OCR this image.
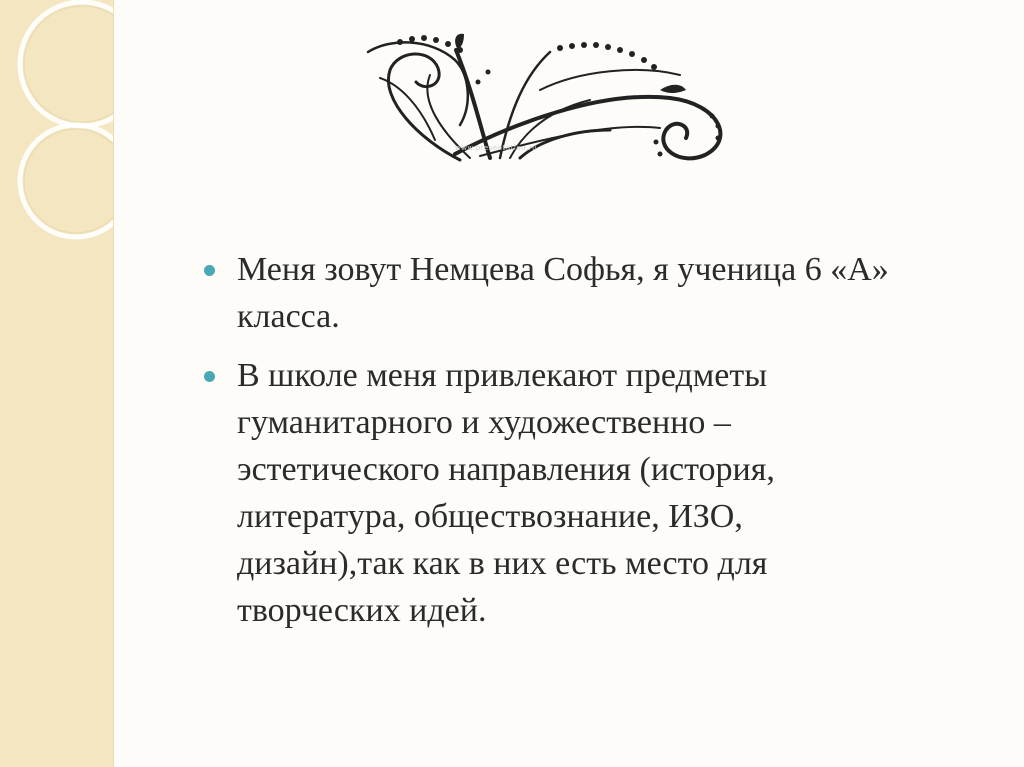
www.presentation.ru
Меня зовут Немцева Софья, я ученица 6 «А»
класса.
В школе меня привлекают предметы
гуманитарного и художественно –
эстетического направления (история,
литература, обществознание, ИЗО,
дизайн),так как в них есть место для
творческих идей.
